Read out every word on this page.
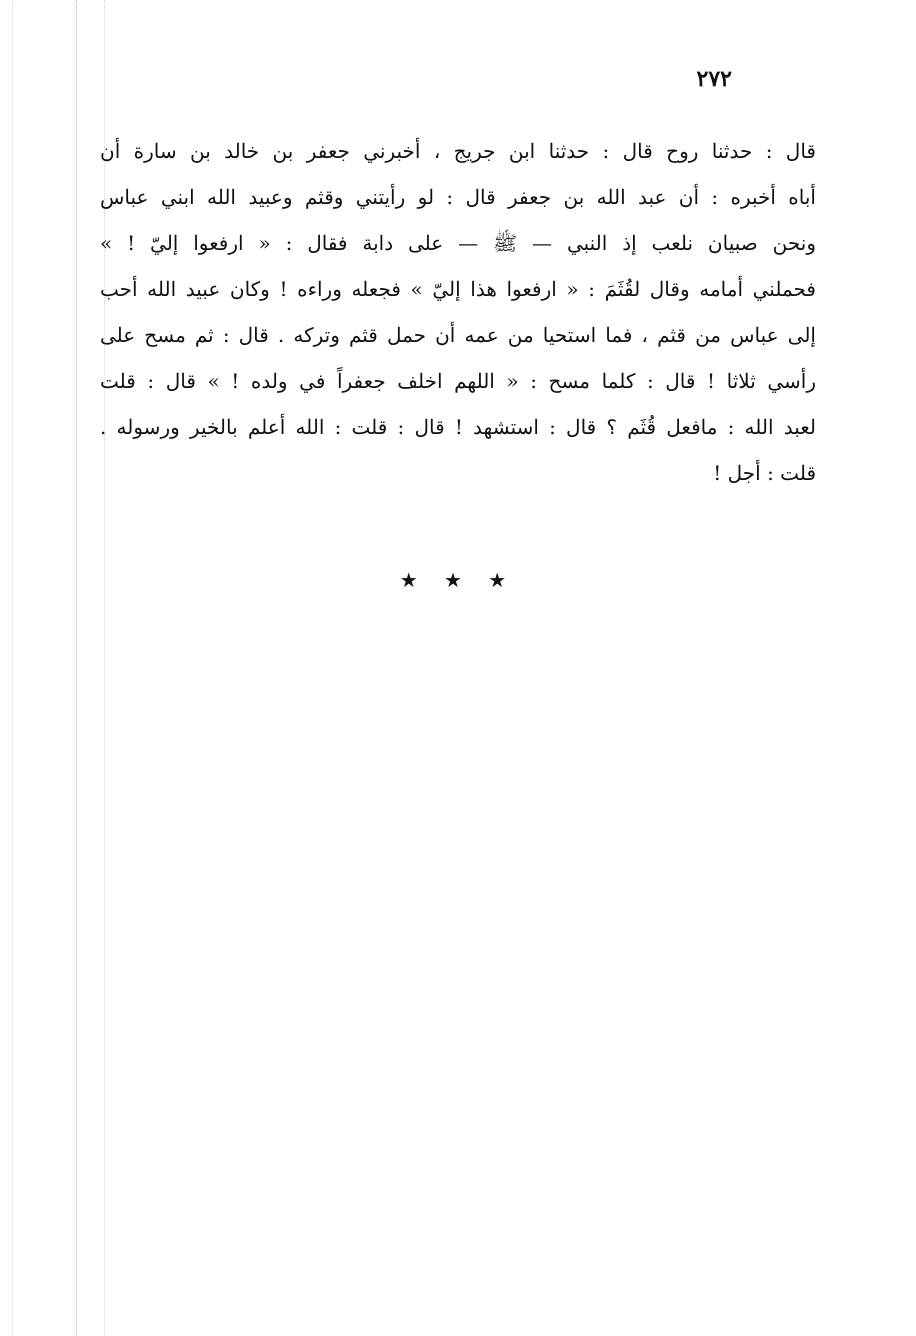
٢٧٢
قال : حدثنا روح قال : حدثنا ابن جريج ، أخبرني جعفر بن خالد بن سارة أن
أباه أخبره : أن عبد الله بن جعفر قال : لو رأيتني وقثم وعبيد الله ابني عباس
ونحن صبيان نلعب إذ النبي — ﷺ — على دابة فقال : « ارفعوا إليّ ! »
فحملني أمامه وقال لقُثَمَ : « ارفعوا هذا إليّ » فجعله وراءه ! وكان عبيد الله أحب
إلى عباس من قثم ، فما استحيا من عمه أن حمل قثم وتركه . قال : ثم مسح على
رأسي ثلاثا ! قال : كلما مسح : « اللهم اخلف جعفراً في ولده ! » قال : قلت
لعبد الله : مافعل قُثَم ؟ قال : استشهد ! قال : قلت : الله أعلم بالخير ورسوله .
قلت : أجل !
★ ★ ★
